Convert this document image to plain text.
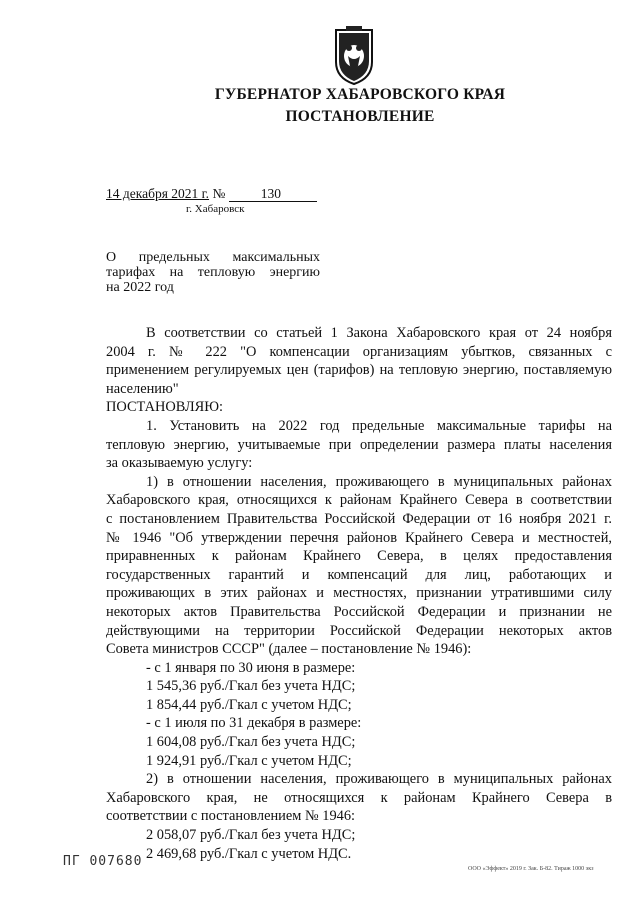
ГУБЕРНАТОР ХАБАРОВСКОГО КРАЯ
ПОСТАНОВЛЕНИЕ
14 декабря 2021 г. №	130
г. Хабаровск
О предельных максимальных
тарифах на тепловую энергию
на 2022 год

В соответствии со статьей 1 Закона Хабаровского края от 24 ноября

2004 г. № 222 "О компенсации организациям убытков, связанных с

применением регулируемых цен (тарифов) на тепловую энергию, поставляемую

населению"

ПОСТАНОВЛЯЮ:

1. Установить на 2022 год предельные максимальные тарифы на

тепловую энергию, учитываемые при определении размера платы населения

за оказываемую услугу:

1) в отношении населения, проживающего в муниципальных районах

Хабаровского края, относящихся к районам Крайнего Севера в соответствии

с постановлением Правительства Российской Федерации от 16 ноября 2021 г.

№ 1946 "Об утверждении перечня районов Крайнего Севера и местностей,

приравненных к районам Крайнего Севера, в целях предоставления

государственных гарантий и компенсаций для лиц, работающих и

проживающих в этих районах и местностях, признании утратившими силу

некоторых актов Правительства Российской Федерации и признании не

действующими на территории Российской Федерации некоторых актов

Совета министров СССР" (далее – постановление № 1946):

- с 1 января по 30 июня в размере:

1 545,36 руб./Гкал без учета НДС;

1 854,44 руб./Гкал с учетом НДС;

- с 1 июля по 31 декабря в размере:

1 604,08 руб./Гкал без учета НДС;

1 924,91 руб./Гкал с учетом НДС;

2) в отношении населения, проживающего в муниципальных районах

Хабаровского края, не относящихся к районам Крайнего Севера в

соответствии с постановлением № 1946:

2 058,07 руб./Гкал без учета НДС;

2 469,68 руб./Гкал с учетом НДС.

ПГ 007680	ООО «Эффект» 2019 г. Зак. Б-82. Тираж 1000 экз
